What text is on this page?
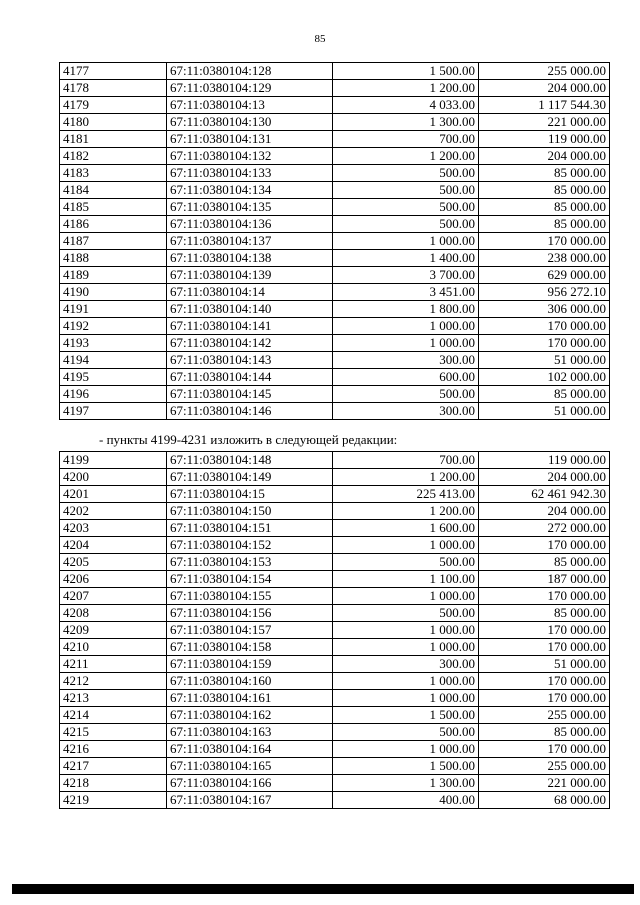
85
4177	67:11:0380104:128	1 500.00	255 000.00
4178	67:11:0380104:129	1 200.00	204 000.00
4179	67:11:0380104:13	4 033.00	1 117 544.30
4180	67:11:0380104:130	1 300.00	221 000.00
4181	67:11:0380104:131	700.00	119 000.00
4182	67:11:0380104:132	1 200.00	204 000.00
4183	67:11:0380104:133	500.00	85 000.00
4184	67:11:0380104:134	500.00	85 000.00
4185	67:11:0380104:135	500.00	85 000.00
4186	67:11:0380104:136	500.00	85 000.00
4187	67:11:0380104:137	1 000.00	170 000.00
4188	67:11:0380104:138	1 400.00	238 000.00
4189	67:11:0380104:139	3 700.00	629 000.00
4190	67:11:0380104:14	3 451.00	956 272.10
4191	67:11:0380104:140	1 800.00	306 000.00
4192	67:11:0380104:141	1 000.00	170 000.00
4193	67:11:0380104:142	1 000.00	170 000.00
4194	67:11:0380104:143	300.00	51 000.00
4195	67:11:0380104:144	600.00	102 000.00
4196	67:11:0380104:145	500.00	85 000.00
4197	67:11:0380104:146	300.00	51 000.00
- пункты 4199-4231 изложить в следующей редакции:
4199	67:11:0380104:148	700.00	119 000.00
4200	67:11:0380104:149	1 200.00	204 000.00
4201	67:11:0380104:15	225 413.00	62 461 942.30
4202	67:11:0380104:150	1 200.00	204 000.00
4203	67:11:0380104:151	1 600.00	272 000.00
4204	67:11:0380104:152	1 000.00	170 000.00
4205	67:11:0380104:153	500.00	85 000.00
4206	67:11:0380104:154	1 100.00	187 000.00
4207	67:11:0380104:155	1 000.00	170 000.00
4208	67:11:0380104:156	500.00	85 000.00
4209	67:11:0380104:157	1 000.00	170 000.00
4210	67:11:0380104:158	1 000.00	170 000.00
4211	67:11:0380104:159	300.00	51 000.00
4212	67:11:0380104:160	1 000.00	170 000.00
4213	67:11:0380104:161	1 000.00	170 000.00
4214	67:11:0380104:162	1 500.00	255 000.00
4215	67:11:0380104:163	500.00	85 000.00
4216	67:11:0380104:164	1 000.00	170 000.00
4217	67:11:0380104:165	1 500.00	255 000.00
4218	67:11:0380104:166	1 300.00	221 000.00
4219	67:11:0380104:167	400.00	68 000.00
